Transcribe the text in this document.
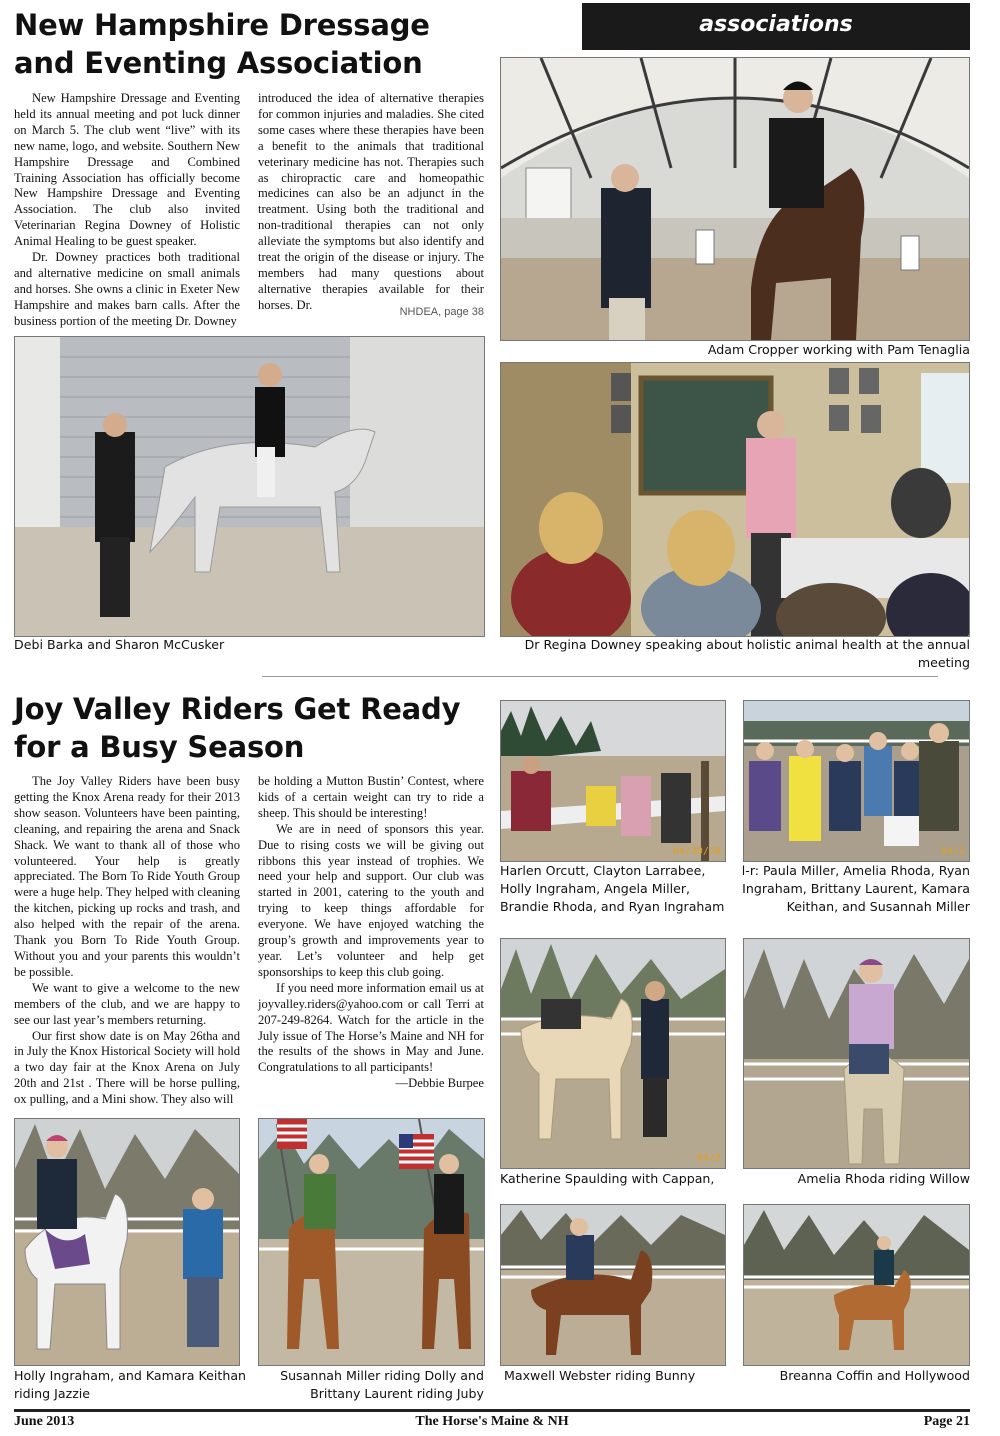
associations
New Hampshire Dressage and Eventing Association

New Hampshire Dressage and Eventing held its annual meeting and pot luck dinner on March 5. The club went “live” with its new name, logo, and website. Southern New Hampshire Dressage and Combined Training Association has officially become New Hampshire Dressage and Eventing Association. The club also invited Veterinarian Regina Downey of Holistic Animal Healing to be guest speaker.

Dr. Downey practices both traditional and alternative medicine on small animals and horses. She owns a clinic in Exeter New Hampshire and makes barn calls. After the business portion of the meeting Dr. Downey

introduced the idea of alternative therapies for common injuries and maladies. She cited some cases where these therapies have been a benefit to the animals that traditional veterinary medicine has not. Therapies such as chiropractic care and homeopathic medicines can also be an adjunct in the treatment. Using both the traditional and non-traditional therapies can not only alleviate the symptoms but also identify and treat the origin of the disease or injury. The members had many questions about alternative therapies available for their horses. Dr.

NHDEA, page 38
Adam Cropper working with Pam Tenaglia
Debi Barka and Sharon McCusker	Dr Regina Downey speaking about holistic animal health at the annual meeting
Joy Valley Riders Get Ready for a Busy Season

The Joy Valley Riders have been busy getting the Knox Arena ready for their 2013 show season. Volunteers have been painting, cleaning, and repairing the arena and Snack Shack. We want to thank all of those who volunteered. Your help is greatly appreciated. The Born To Ride Youth Group were a huge help. They helped with cleaning the kitchen, picking up rocks and trash, and also helped with the repair of the arena. Thank you Born To Ride Youth Group. Without you and your parents this wouldn’t be possible.

We want to give a welcome to the new members of the club, and we are happy to see our last year’s members returning.

Our first show date is on May 26tha and in July the Knox Historical Society will hold a two day fair at the Knox Arena on July 20th and 21st . There will be horse pulling, ox pulling, and a Mini show. They also will

be holding a Mutton Bustin’ Contest, where kids of a certain weight can try to ride a sheep. This should be interesting!

We are in need of sponsors this year. Due to rising costs we will be giving out ribbons this year instead of trophies. We need your help and support. Our club was started in 2001, catering to the youth and trying to keep things affordable for everyone. We have enjoyed watching the group’s growth and improvements year to year. Let’s volunteer and help get sponsorships to keep this club going.

If you need more information email us at joyvalley.riders@yahoo.com or call Terri at 207-249-8264. Watch for the article in the July issue of The Horse’s Maine and NH for the results of the shows in May and June. Congratulations to all participants!

—Debbie Burpee

04/20/20
Harlen Orcutt, Clayton Larrabee, Holly Ingraham, Angela Miller, Brandie Rhoda, and Ryan Ingraham
04/2
l-r: Paula Miller, Amelia Rhoda, Ryan Ingraham, Brittany Laurent, Kamara Keithan, and Susannah Miller
04/2
Katherine Spaulding with Cappan,	Amelia Rhoda riding Willow
Holly Ingraham, and Kamara Keithan riding Jazzie
Susannah Miller riding Dolly and Brittany Laurent riding Juby
Maxwell Webster riding Bunny	Breanna Coffin and Hollywood
June 2013	The Horse's Maine & NH	Page 21
